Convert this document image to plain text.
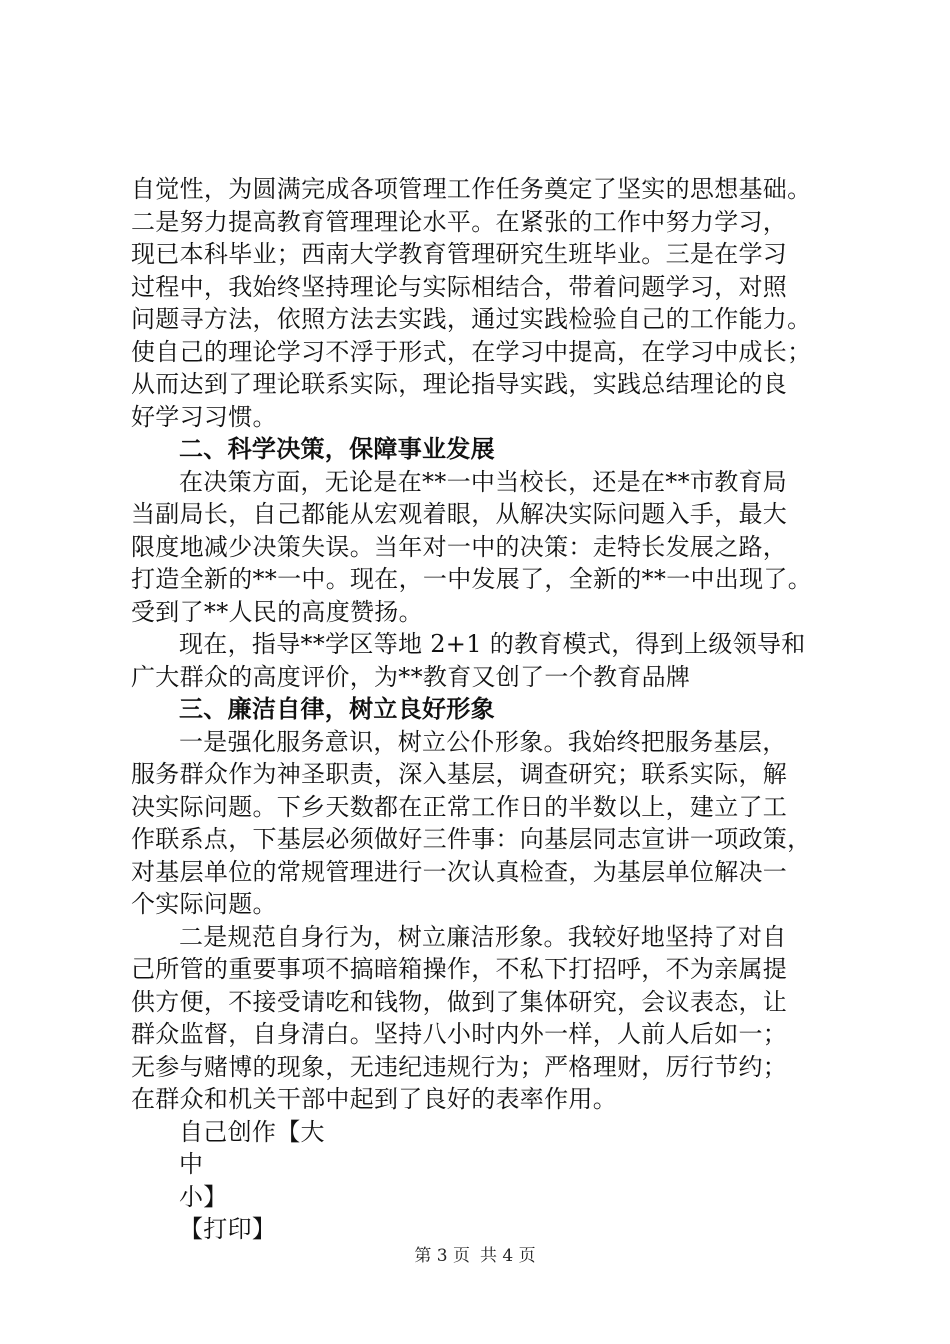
自觉性，为圆满完成各项管理工作任务奠定了坚实的思想基础。
二是努力提高教育管理理论水平。在紧张的工作中努力学习，
现已本科毕业；西南大学教育管理研究生班毕业。三是在学习
过程中，我始终坚持理论与实际相结合，带着问题学习，对照
问题寻方法，依照方法去实践，通过实践检验自己的工作能力。
使自己的理论学习不浮于形式，在学习中提高，在学习中成长；
从而达到了理论联系实际，理论指导实践，实践总结理论的良
好学习习惯。
二、科学决策，保障事业发展
在决策方面，无论是在**一中当校长，还是在**市教育局
当副局长，自己都能从宏观着眼，从解决实际问题入手，最大
限度地减少决策失误。当年对一中的决策：走特长发展之路，
打造全新的**一中。现在，一中发展了，全新的**一中出现了。
受到了**人民的高度赞扬。
现在，指导**学区等地 2+1 的教育模式，得到上级领导和
广大群众的高度评价，为**教育又创了一个教育品牌
三、廉洁自律，树立良好形象
一是强化服务意识，树立公仆形象。我始终把服务基层，
服务群众作为神圣职责，深入基层，调查研究；联系实际，解
决实际问题。下乡天数都在正常工作日的半数以上，建立了工
作联系点，下基层必须做好三件事：向基层同志宣讲一项政策，
对基层单位的常规管理进行一次认真检查，为基层单位解决一
个实际问题。
二是规范自身行为，树立廉洁形象。我较好地坚持了对自
己所管的重要事项不搞暗箱操作，不私下打招呼，不为亲属提
供方便，不接受请吃和钱物，做到了集体研究，会议表态，让
群众监督，自身清白。坚持八小时内外一样，人前人后如一；
无参与赌博的现象，无违纪违规行为；严格理财，厉行节约；
在群众和机关干部中起到了良好的表率作用。
自己创作【大
中
小】
【打印】
第 3 页 共 4 页
